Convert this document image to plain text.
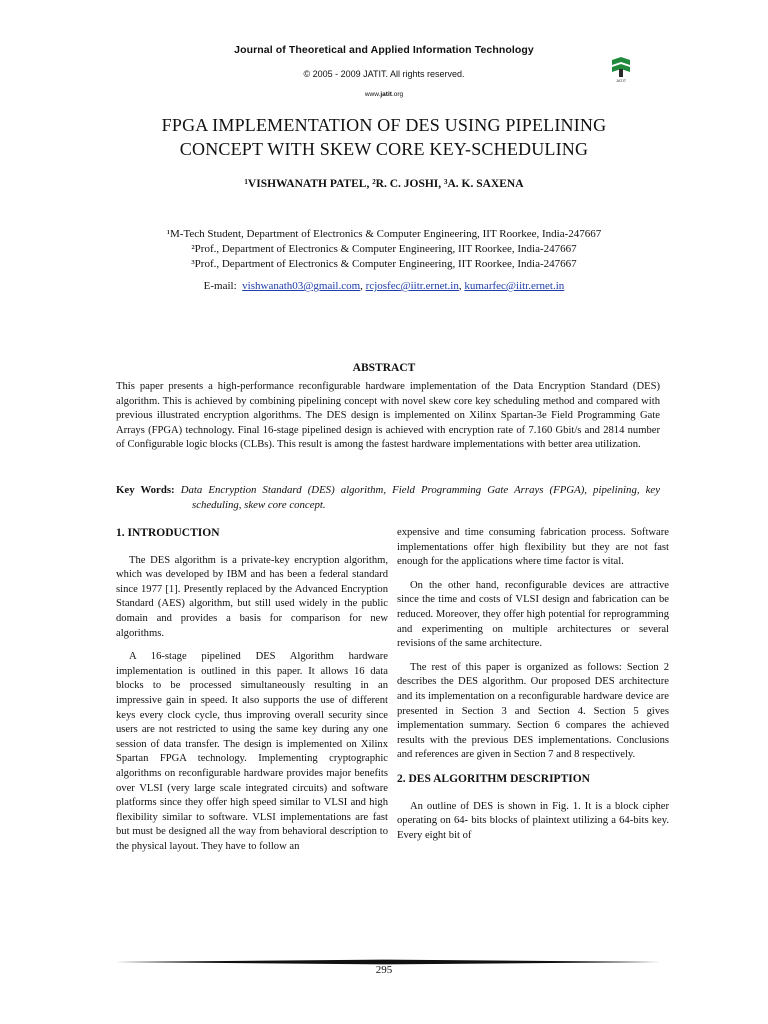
Journal of Theoretical and Applied Information Technology
JATIT
© 2005 - 2009 JATIT. All rights reserved.
www.jatit.org
FPGA IMPLEMENTATION OF DES USING PIPELINING
CONCEPT WITH SKEW CORE KEY-SCHEDULING
¹VISHWANATH PATEL, ²R. C. JOSHI, ³A. K. SAXENA
¹M-Tech Student, Department of Electronics & Computer Engineering, IIT Roorkee, India-247667
²Prof., Department of Electronics & Computer Engineering, IIT Roorkee, India-247667
³Prof., Department of Electronics & Computer Engineering, IIT Roorkee, India-247667
E-mail: vishwanath03@gmail.com, rcjosfec@iitr.ernet.in, kumarfec@iitr.ernet.in
ABSTRACT

This paper presents a high-performance reconfigurable hardware implementation of the Data Encryption Standard (DES) algorithm. This is achieved by combining pipelining concept with novel skew core key scheduling method and compared with previous illustrated encryption algorithms. The DES design is implemented on Xilinx Spartan-3e Field Programming Gate Arrays (FPGA) technology. Final 16-stage pipelined design is achieved with encryption rate of 7.160 Gbit/s and 2814 number of Configurable logic blocks (CLBs). This result is among the fastest hardware implementations with better area utilization.

Key Words: Data Encryption Standard (DES) algorithm, Field Programming Gate Arrays (FPGA), pipelining, key scheduling, skew core concept.
1. INTRODUCTION

The DES algorithm is a private-key encryption algorithm, which was developed by IBM and has been a federal standard since 1977 [1]. Presently replaced by the Advanced Encryption Standard (AES) algorithm, but still used widely in the public domain and provides a basis for comparison for new algorithms.

A 16-stage pipelined DES Algorithm hardware implementation is outlined in this paper. It allows 16 data blocks to be processed simultaneously resulting in an impressive gain in speed. It also supports the use of different keys every clock cycle, thus improving overall security since users are not restricted to using the same key during any one session of data transfer. The design is implemented on Xilinx Spartan FPGA technology. Implementing cryptographic algorithms on reconfigurable hardware provides major benefits over VLSI (very large scale integrated circuits) and software platforms since they offer high speed similar to VLSI and high flexibility similar to software. VLSI implementations are fast but must be designed all the way from behavioral description to the physical layout. They have to follow an

expensive and time consuming fabrication process. Software implementations offer high flexibility but they are not fast enough for the applications where time factor is vital.

On the other hand, reconfigurable devices are attractive since the time and costs of VLSI design and fabrication can be reduced. Moreover, they offer high potential for reprogramming and experimenting on multiple architectures or several revisions of the same architecture.

The rest of this paper is organized as follows: Section 2 describes the DES algorithm. Our proposed DES architecture and its implementation on a reconfigurable hardware device are presented in Section 3 and Section 4. Section 5 gives implementation summary. Section 6 compares the achieved results with the previous DES implementations. Conclusions and references are given in Section 7 and 8 respectively.

2. DES ALGORITHM DESCRIPTION

An outline of DES is shown in Fig. 1. It is a block cipher operating on 64- bits blocks of plaintext utilizing a 64-bits key. Every eight bit of

295
